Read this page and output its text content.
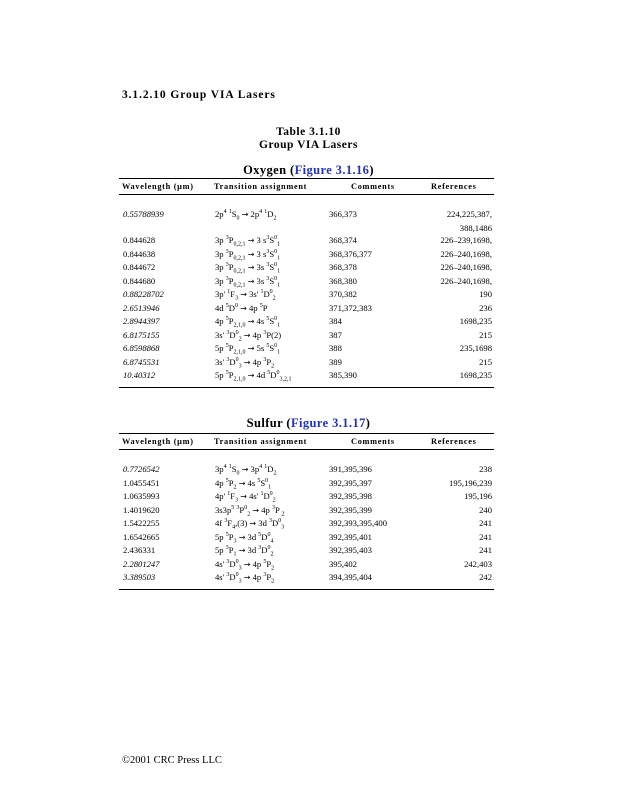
3.1.2.10 Group VIA Lasers
Table 3.1.10
Group VIA Lasers
Oxygen (Figure 3.1.16)
Wavelength (µm)	Transition assignment	Comments	References

0.55788939	$2p^4$ $^1S_0 \to 2p^4$ $^1D_2$	366,373	224,225,387,
388,1486

0.844628	3p $^3P_{0,2,1} \to 3$ $s^3S^0_1$	368,374	226–239,1698,
0.844638	3p $^3P_{0,2,1} \to 3$ $s^3S^0_1$	368,376,377	226–240,1698,
0.844672	3p $^3P_{0,2,1} \to 3s$ $^3S^0_1$	368,378	226–240,1698,
0.844680	3p $^3P_{0,2,1} \to 3s$ $^3S^0_1$	368,380	226–240,1698,
0.88228702	3p' $^1F_3 \to 3s'$ $^1D^0_2$	370,382	190
2.6513946	4d $^5D^0 \to 4p$ $^5$P	371,372,383	236
2.8944397	4p $^5P_{2,1,0} \to 4s$ $^5S^0_1$	384	1698,235
6.8175155	3s' $^3D^0_2 \to 4p$ $^3$P(2)	387	215
6.8598868	5p $^5P_{2,1,0} \to 5s$ $^5S^0_1$	388	235,1698
6.8745531	3s' $^3D^0_3 \to 4p$ $^3P_2$	389	215
10.40312	5p $^5P_{2,1,0} \to 4d$ $^5D^0_{3,2,1}$	385,390	1698,235
Sulfur (Figure 3.1.17)
Wavelength (µm)	Transition assignment	Comments	References

0.7726542	$3p^4$ $^1S_0 \to 3p^4$ $^1D_2$	391,395,396	238
1.0455451	4p $^5P_2 \to 4s$ $^5S^0_1$	392,395,397	195,196,239
1.0635993	4p' $^1F_3 \to 4s'$ $^1D^0_2$	392,395,398	195,196
1.4019620	$3s3p^5$ $^3P^0_2 \to 4p$ $^3$P $_2$	392,395,399	240
1.5422255	4f $^3F_4,(3) \to 3d$ $^3D^0_3$	392,393,395,400	241
1.6542665	5p $^5P_3 \to 3d$ $^5D^0_4$	392,395,401	241
2.436331	5p $^3P_1 \to 3d$ $^3D^0_2$	392,395,403	241
2.2801247	4s' $^3D^0_3 \to 4p$ $^5P_2$	395,402	242,403
3.389503	4s' $^3D^0_3 \to 4p$ $^3P_2$	394,395,404	242
©2001 CRC Press LLC
